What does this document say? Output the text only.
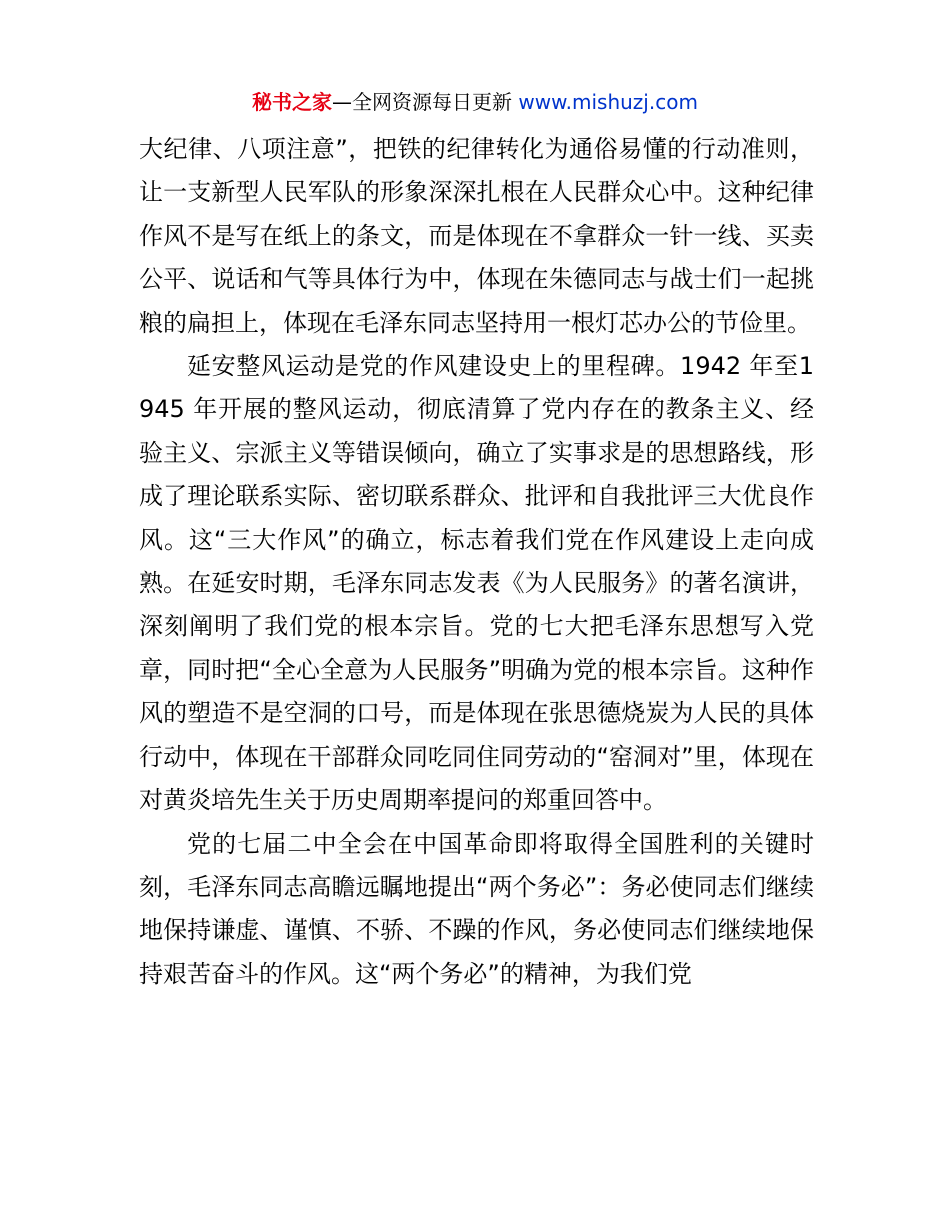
秘书之家—全网资源每日更新 www.mishuzj.com

大纪律、八项注意”，把铁的纪律转化为通俗易懂的行动准则，让一支新型人民军队的形象深深扎根在人民群众心中。这种纪律作风不是写在纸上的条文，而是体现在不拿群众一针一线、买卖公平、说话和气等具体行为中，体现在朱德同志与战士们一起挑粮的扁担上，体现在毛泽东同志坚持用一根灯芯办公的节俭里。

延安整风运动是党的作风建设史上的里程碑。1942 年至1945 年开展的整风运动，彻底清算了党内存在的教条主义、经验主义、宗派主义等错误倾向，确立了实事求是的思想路线，形成了理论联系实际、密切联系群众、批评和自我批评三大优良作风。这“三大作风”的确立，标志着我们党在作风建设上走向成熟。在延安时期，毛泽东同志发表《为人民服务》的著名演讲，深刻阐明了我们党的根本宗旨。党的七大把毛泽东思想写入党章，同时把“全心全意为人民服务”明确为党的根本宗旨。这种作风的塑造不是空洞的口号，而是体现在张思德烧炭为人民的具体行动中，体现在干部群众同吃同住同劳动的“窑洞对”里，体现在对黄炎培先生关于历史周期率提问的郑重回答中。

党的七届二中全会在中国革命即将取得全国胜利的关键时刻，毛泽东同志高瞻远瞩地提出“两个务必”：务必使同志们继续地保持谦虚、谨慎、不骄、不躁的作风，务必使同志们继续地保持艰苦奋斗的作风。这“两个务必”的精神，为我们党
